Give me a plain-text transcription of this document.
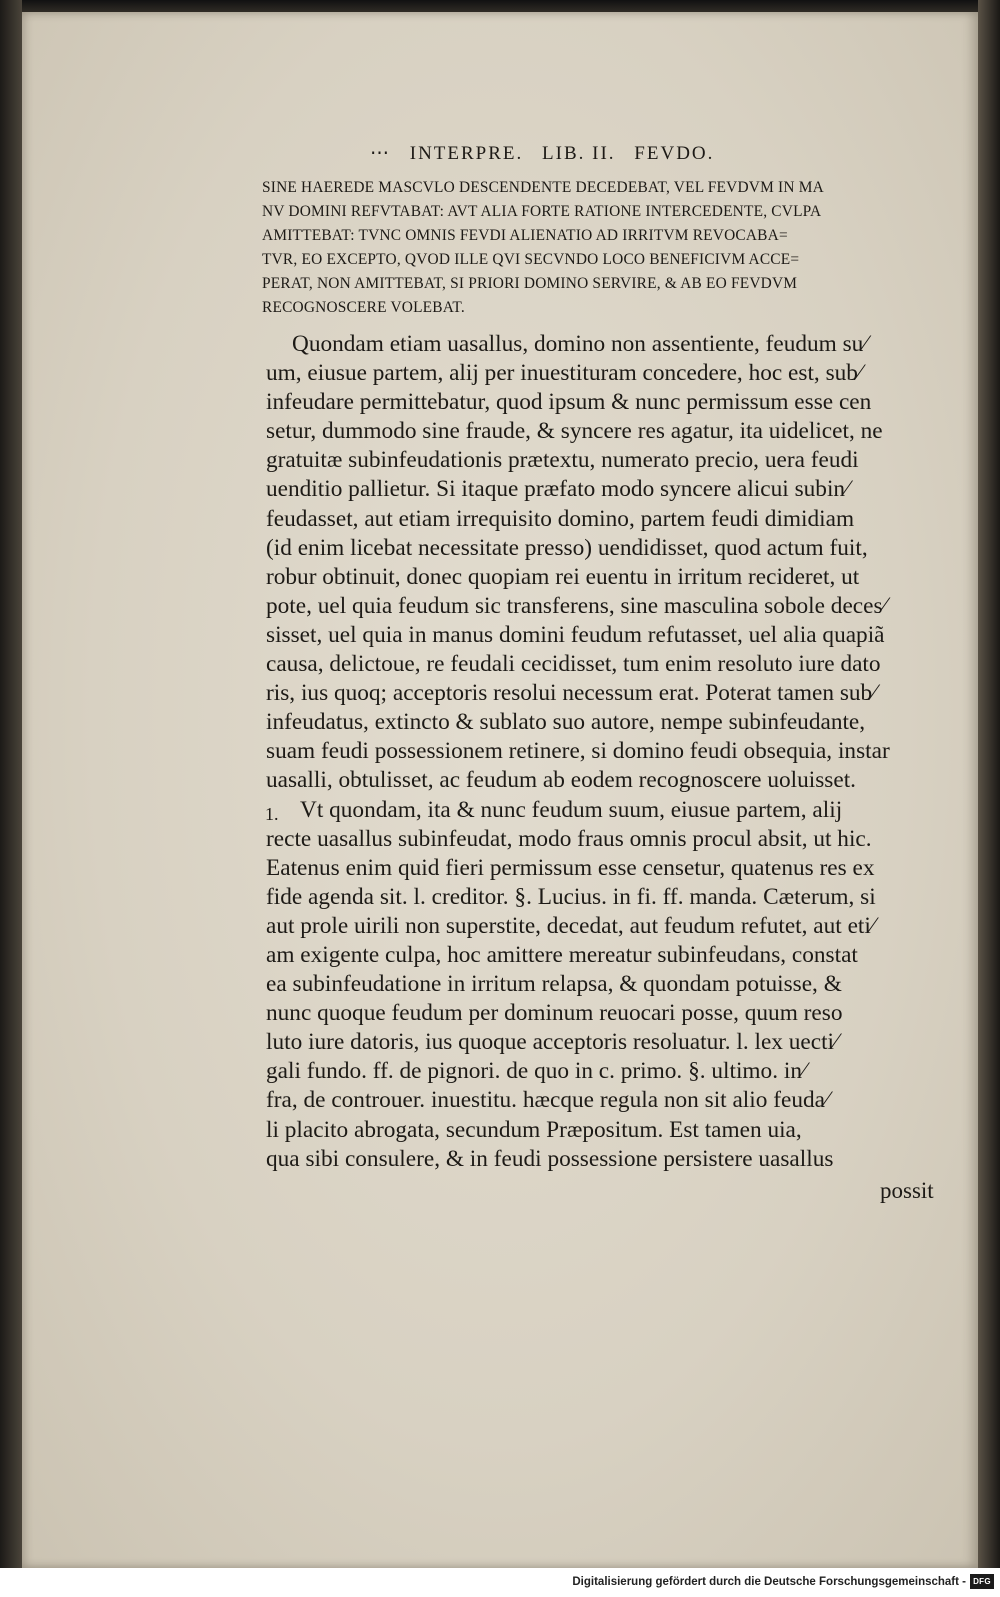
⋯ INTERPRE. LIB. II. FEVDO.
SINE HAEREDE MASCVLO DESCENDENTE DECEDEBAT, VEL FEVDVM IN MA
NV DOMINI REFVTABAT: AVT ALIA FORTE RATIONE INTERCEDENTE, CVLPA
AMITTEBAT: TVNC OMNIS FEVDI ALIENATIO AD IRRITVM REVOCABA=
TVR, EO EXCEPTO, QVOD ILLE QVI SECVNDO LOCO BENEFICIVM ACCE=
PERAT, NON AMITTEBAT, SI PRIORI DOMINO SERVIRE, & AB EO FEVDVM
RECOGNOSCERE VOLEBAT.
Quondam etiam uasallus, domino non assentiente, feudum su⁄
um, eiusue partem, alij per inuestituram concedere, hoc est, sub⁄
infeudare permittebatur, quod ipsum & nunc permissum esse cen
setur, dummodo sine fraude, & syncere res agatur, ita uidelicet, ne
gratuitæ subinfeudationis prætextu, numerato precio, uera feudi
uenditio pallietur. Si itaque præfato modo syncere alicui subin⁄
feudasset, aut etiam irrequisito domino, partem feudi dimidiam
(id enim licebat necessitate presso) uendidisset, quod actum fuit,
robur obtinuit, donec quopiam rei euentu in irritum recideret, ut
pote, uel quia feudum sic transferens, sine masculina sobole deces⁄
sisset, uel quia in manus domini feudum refutasset, uel alia quapiã
causa, delictoue, re feudali cecidisset, tum enim resoluto iure dato
ris, ius quoq; acceptoris resolui necessum erat. Poterat tamen sub⁄
infeudatus, extincto & sublato suo autore, nempe subinfeudante,
suam feudi possessionem retinere, si domino feudi obsequia, instar
uasalli, obtulisset, ac feudum ab eodem recognoscere uoluisset.
Vt quondam, ita & nunc feudum suum, eiusue partem, alij
recte uasallus subinfeudat, modo fraus omnis procul absit, ut hic.
Eatenus enim quid fieri permissum esse censetur, quatenus res ex
fide agenda sit. l. creditor. §. Lucius. in fi. ff. manda. Cæterum, si
aut prole uirili non superstite, decedat, aut feudum refutet, aut eti⁄
am exigente culpa, hoc amittere mereatur subinfeudans, constat
ea subinfeudatione in irritum relapsa, & quondam potuisse, &
nunc quoque feudum per dominum reuocari posse, quum reso
luto iure datoris, ius quoque acceptoris resoluatur. l. lex uecti⁄
gali fundo. ff. de pignori. de quo in c. primo. §. ultimo. in⁄
fra, de controuer. inuestitu. hæcque regula non sit alio feuda⁄
li placito abrogata, secundum Præpositum. Est tamen uia,
qua sibi consulere, & in feudi possessione persistere uasallus
1.
possit
Digitalisierung gefördert durch die Deutsche Forschungsgemeinschaft - DFG
